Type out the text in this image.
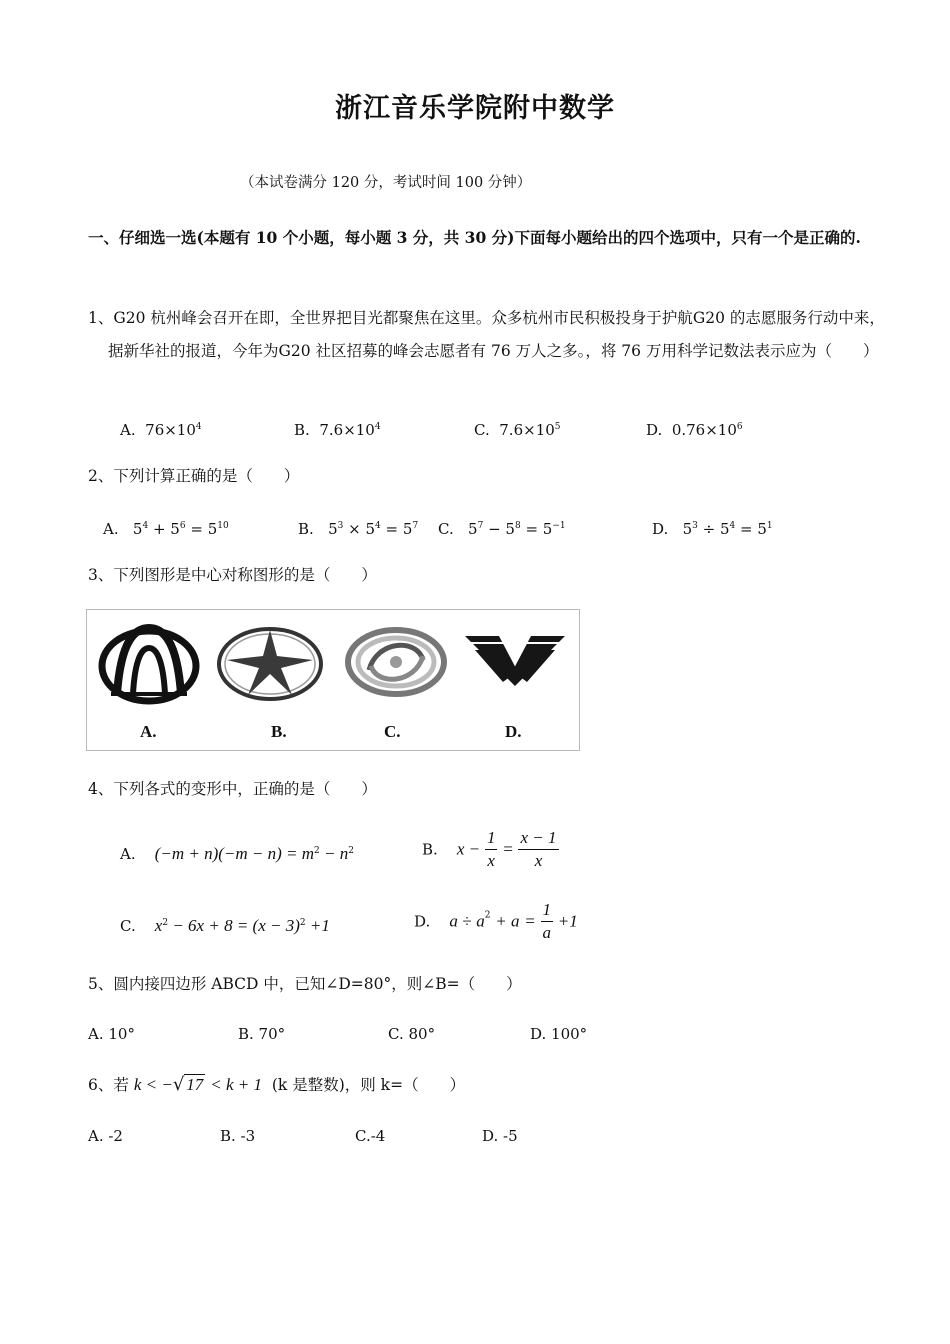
浙江音乐学院附中数学
（本试卷满分 120 分，考试时间 100 分钟）
一、仔细选一选(本题有 10 个小题，每小题 3 分，共 30 分)下面每小题给出的四个选项中，只有一个是正确的.
1、G20 杭州峰会召开在即，全世界把目光都聚焦在这里。众多杭州市民积极投身于护航G20 的志愿服务行动中来，据新华社的报道，今年为G20 社区招募的峰会志愿者有 76 万人之多。，将 76 万用科学记数法表示应为（　　）
A. $76\times 10^4$	B. $7.6\times 10^4$	C. $7.6\times 10^5$	D. $0.76\times 10^6$
2、下列计算正确的是（　　）
A. $5^4 + 5^6 = 5^{10}$	B. $5^3 \times 5^4 = 5^7$ C. $5^7 - 5^8 = 5^{-1}$	D. $5^3 \div 5^4 = 5^1$
3、下列图形是中心对称图形的是（　　）
A.	B.	C.	D.
4、下列各式的变形中，正确的是（　　）
A. $(-m + n)(-m - n) = m^2 - n^2$	B. $x - \frac{1}{x} = \frac{x - 1}{x}$
C. $x^2 - 6x + 8 = (x - 3)^2 +1$	D. $a \div a^2 + a = \frac{1}{a} +1$
5、圆内接四边形 ABCD 中，已知∠D=80°，则∠B=（　　）
A. 10°	B. 70°	C. 80°	D. 100°
6、若 k < −√ 17 < k + 1 (k 是整数)，则 k=（　　）
A. -2	B. -3	C.-4	D. -5
